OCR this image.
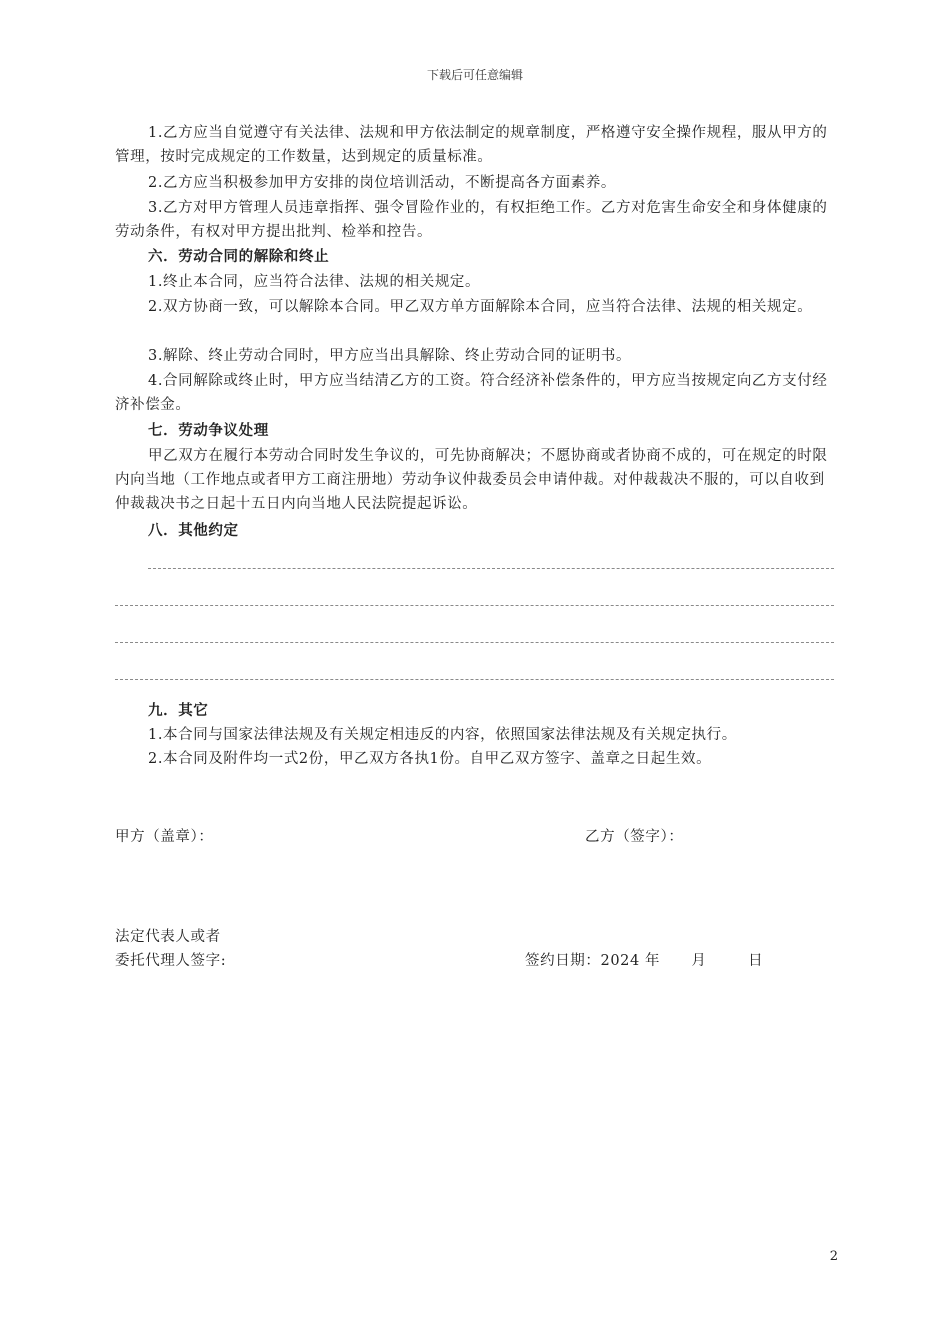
下载后可任意编辑
1.乙方应当自觉遵守有关法律、法规和甲方依法制定的规章制度，严格遵守安全操作规程，服从甲方的管理，按时完成规定的工作数量，达到规定的质量标准。
2.乙方应当积极参加甲方安排的岗位培训活动，不断提高各方面素养。
3.乙方对甲方管理人员违章指挥、强令冒险作业的，有权拒绝工作。乙方对危害生命安全和身体健康的劳动条件，有权对甲方提出批判、检举和控告。
六．劳动合同的解除和终止
1.终止本合同，应当符合法律、法规的相关规定。
2.双方协商一致，可以解除本合同。甲乙双方单方面解除本合同，应当符合法律、法规的相关规定。
3.解除、终止劳动合同时，甲方应当出具解除、终止劳动合同的证明书。
4.合同解除或终止时，甲方应当结清乙方的工资。符合经济补偿条件的，甲方应当按规定向乙方支付经济补偿金。
七．劳动争议处理
甲乙双方在履行本劳动合同时发生争议的，可先协商解决；不愿协商或者协商不成的，可在规定的时限内向当地（工作地点或者甲方工商注册地）劳动争议仲裁委员会申请仲裁。对仲裁裁决不服的，可以自收到仲裁裁决书之日起十五日内向当地人民法院提起诉讼。
八．其他约定
九．其它
1.本合同与国家法律法规及有关规定相违反的内容，依照国家法律法规及有关规定执行。
2.本合同及附件均一式2份，甲乙双方各执1份。自甲乙双方签字、盖章之日起生效。
甲方（盖章）：	乙方（签字）：
法定代表人或者
委托代理人签字:	签约日期：2024 年      月        日
2
